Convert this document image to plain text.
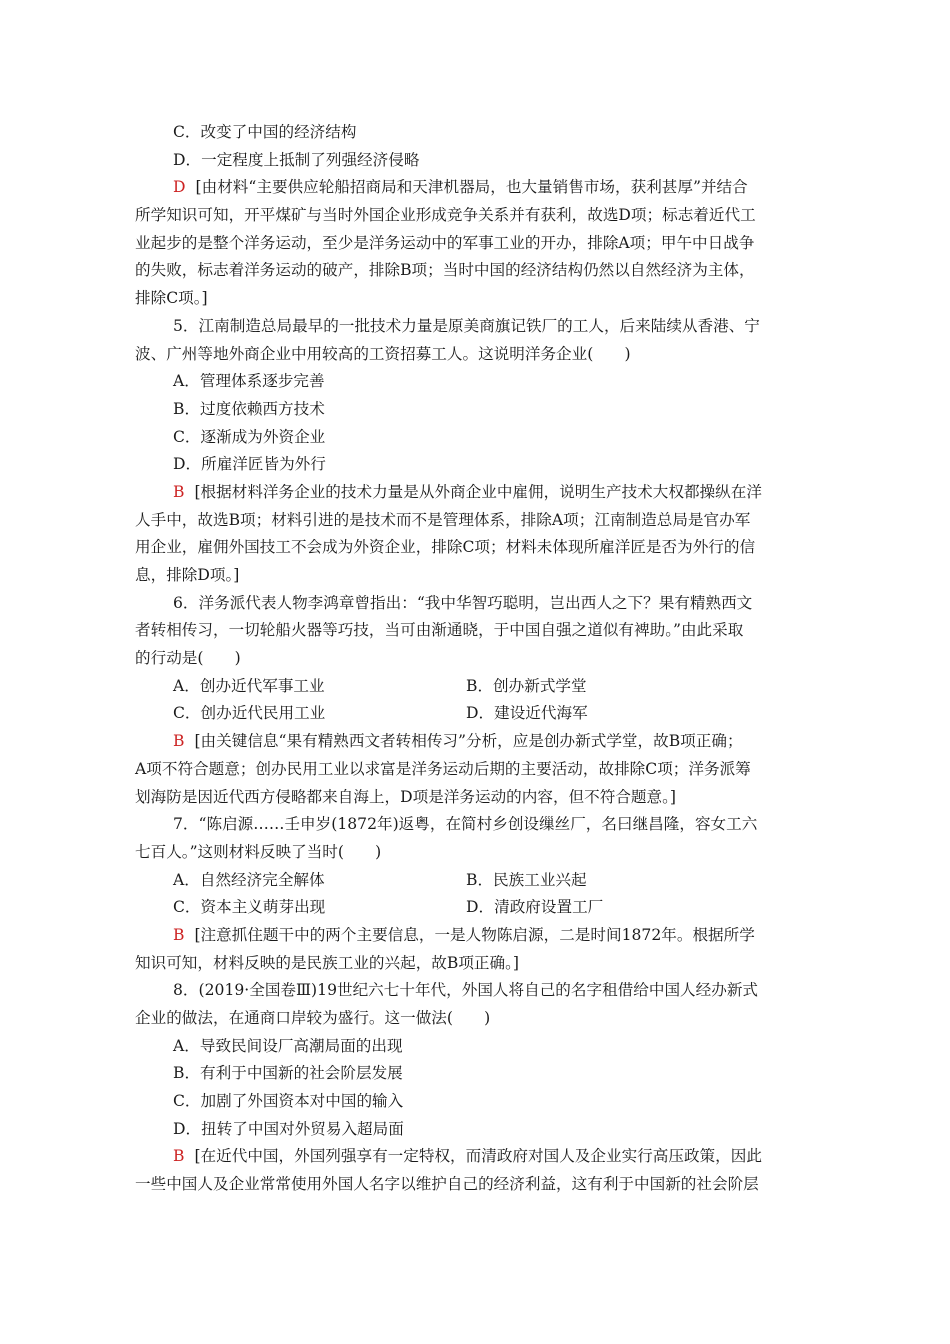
C．改变了中国的经济结构
D．一定程度上抵制了列强经济侵略
D [由材料“主要供应轮船招商局和天津机器局，也大量销售市场，获利甚厚”并结合
所学知识可知，开平煤矿与当时外国企业形成竞争关系并有获利，故选D项；标志着近代工
业起步的是整个洋务运动，至少是洋务运动中的军事工业的开办，排除A项；甲午中日战争
的失败，标志着洋务运动的破产，排除B项；当时中国的经济结构仍然以自然经济为主体，
排除C项。]
5．江南制造总局最早的一批技术力量是原美商旗记铁厂的工人，后来陆续从香港、宁
波、广州等地外商企业中用较高的工资招募工人。这说明洋务企业(　　)
A．管理体系逐步完善
B．过度依赖西方技术
C．逐渐成为外资企业
D．所雇洋匠皆为外行
B [根据材料洋务企业的技术力量是从外商企业中雇佣，说明生产技术大权都操纵在洋
人手中，故选B项；材料引进的是技术而不是管理体系，排除A项；江南制造总局是官办军
用企业，雇佣外国技工不会成为外资企业，排除C项；材料未体现所雇洋匠是否为外行的信
息，排除D项。]
6．洋务派代表人物李鸿章曾指出：“我中华智巧聪明，岂出西人之下？果有精熟西文
者转相传习，一切轮船火器等巧技，当可由渐通晓，于中国自强之道似有裨助。”由此采取
的行动是(　　)
A．创办近代军事工业	B．创办新式学堂
C．创办近代民用工业	D．建设近代海军
B [由关键信息“果有精熟西文者转相传习”分析，应是创办新式学堂，故B项正确；
A项不符合题意；创办民用工业以求富是洋务运动后期的主要活动，故排除C项；洋务派筹
划海防是因近代西方侵略都来自海上，D项是洋务运动的内容，但不符合题意。]
7．“陈启源……壬申岁(1872年)返粤，在简村乡创设缫丝厂，名曰继昌隆，容女工六
七百人。”这则材料反映了当时(　　)
A．自然经济完全解体	B．民族工业兴起
C．资本主义萌芽出现	D．清政府设置工厂
B [注意抓住题干中的两个主要信息，一是人物陈启源，二是时间1872年。根据所学
知识可知，材料反映的是民族工业的兴起，故B项正确。]
8．(2019·全国卷Ⅲ)19世纪六七十年代，外国人将自己的名字租借给中国人经办新式
企业的做法，在通商口岸较为盛行。这一做法(　　)
A．导致民间设厂高潮局面的出现
B．有利于中国新的社会阶层发展
C．加剧了外国资本对中国的输入
D．扭转了中国对外贸易入超局面
B [在近代中国，外国列强享有一定特权，而清政府对国人及企业实行高压政策，因此
一些中国人及企业常常使用外国人名字以维护自己的经济利益，这有利于中国新的社会阶层
